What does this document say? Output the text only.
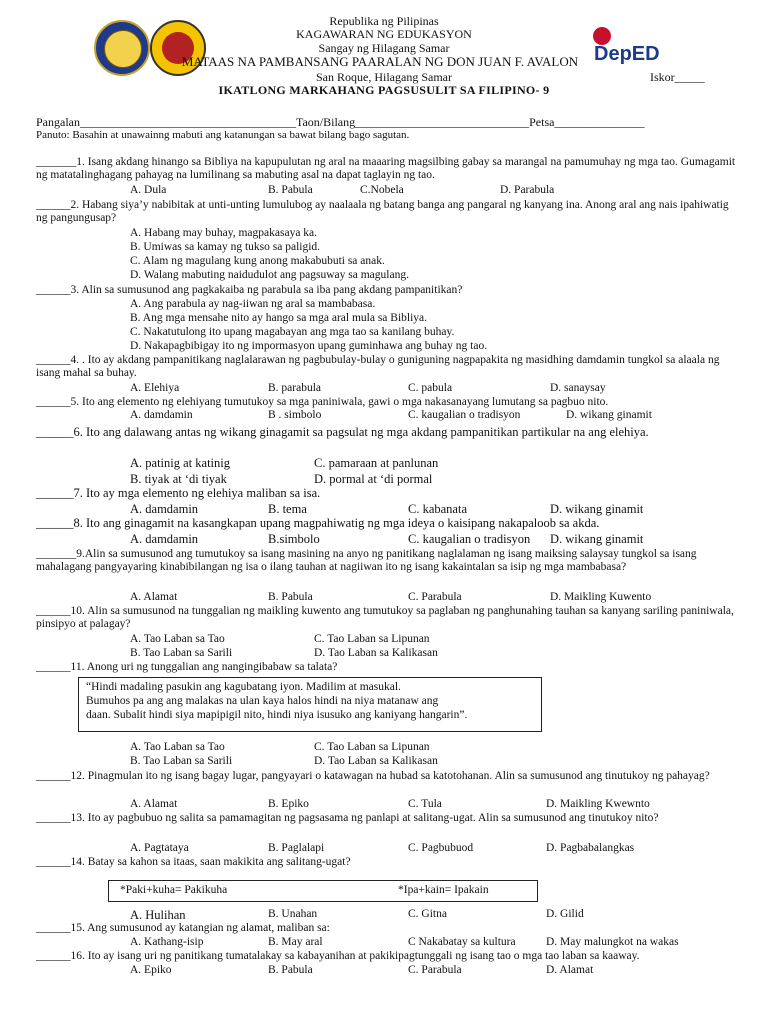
DepED
Republika ng Pilipinas
KAGAWARAN NG EDUKASYON
Sangay ng Hilagang Samar
MATAAS NA PAMBANSANG PAARALAN NG DON JUAN F. AVALON
San Roque, Hilagang Samar	Iskor_____
IKATLONG MARKAHANG PAGSUSULIT SA FILIPINO- 9
Pangalan____________________________________Taon/Bilang_____________________________Petsa_______________
Panuto: Basahin at unawainng mabuti ang katanungan sa bawat bilang bago sagutan.
_______1. Isang akdang hinango sa Bibliya na kapupulutan ng aral na maaaring magsilbing gabay sa marangal na pamumuhay ng mga tao. Gumagamit ng matatalinghagang pahayag na lumilinang sa mabuting asal na dapat taglayin ng tao.
A. Dula	B. Pabula	C.Nobela	D. Parabula
______2. Habang siya’y nabibitak at unti-unting lumulubog ay naalaala ng batang banga ang pangaral ng kanyang ina. Anong aral ang nais ipahiwatig ng pangungusap?
A. Habang may buhay, magpakasaya ka.
B. Umiwas sa kamay ng tukso sa paligid.
C. Alam ng magulang kung anong makabubuti sa anak.
D. Walang mabuting naidudulot ang pagsuway sa magulang.
______3. Alin sa sumusunod ang pagkakaiba ng parabula sa iba pang akdang pampanitikan?
A. Ang parabula ay nag-iiwan ng aral sa mambabasa.
B. Ang mga mensahe nito ay hango sa mga aral mula sa Bibliya.
C. Nakatutulong ito upang magabayan ang mga tao sa kanilang buhay.
D. Nakapagbibigay ito ng impormasyon upang guminhawa ang buhay ng tao.
______4. . Ito ay akdang pampanitikang naglalarawan ng pagbubulay-bulay o guniguning nagpapakita ng masidhing damdamin tungkol sa alaala ng isang mahal sa buhay.
A. Elehiya	B. parabula	C. pabula	D. sanaysay
______5. Ito ang elemento ng elehiyang tumutukoy sa mga paniniwala, gawi o mga nakasanayang lumutang sa pagbuo nito.
A. damdamin	B . simbolo	C. kaugalian o tradisyon	D. wikang ginamit
______6. Ito ang dalawang antas ng wikang ginagamit sa pagsulat ng mga akdang pampanitikan partikular na ang elehiya.
A. patinig at katinig	C. pamaraan at panlunan
B. tiyak at ‘di tiyak	D. pormal at ‘di pormal
______7. Ito ay mga elemento ng elehiya maliban sa isa.
A. damdamin	B. tema	C. kabanata	D. wikang ginamit
______8. Ito ang ginagamit na kasangkapan upang magpahiwatig ng mga ideya o kaisipang nakapaloob sa akda.
A. damdamin	B.simbolo	C. kaugalian o tradisyon D. wikang ginamit
_______9.Alin sa sumusunod ang tumutukoy sa isang masining na anyo ng panitikang naglalaman ng isang maiksing salaysay tungkol sa isang mahalagang pangyayaring kinabibilangan ng isa o ilang tauhan at nagiiwan ito ng isang kakaintalan sa isip ng mga mambabasa?
A. Alamat	B. Pabula	C. Parabula	D. Maikling Kuwento
______10. Alin sa sumusunod na tunggalian ng maikling kuwento ang tumutukoy sa paglaban ng panghunahing tauhan sa kanyang sariling paniniwala, pinsipyo at palagay?
A. Tao Laban sa Tao	C. Tao Laban sa Lipunan
B. Tao Laban sa Sarili	D. Tao Laban sa Kalikasan
______11. Anong uri ng tunggalian ang nangingibabaw sa talata?
“Hindi madaling pasukin ang kagubatang iyon. Madilim at masukal.
Bumuhos pa ang ang malakas na ulan kaya halos hindi na niya matanaw ang
daan. Subalit hindi siya mapipigil nito, hindi niya isusuko ang kaniyang hangarin”.
A. Tao Laban sa Tao	C. Tao Laban sa Lipunan
B. Tao Laban sa Sarili	D. Tao Laban sa Kalikasan
______12. Pinagmulan ito ng isang bagay lugar, pangyayari o katawagan na hubad sa katotohanan. Alin sa sumusunod ang tinutukoy ng pahayag?
A. Alamat	B. Epiko	C. Tula	D. Maikling Kwewnto
______13. Ito ay pagbubuo ng salita sa pamamagitan ng pagsasama ng panlapi at salitang-ugat. Alin sa sumusunod ang tinutukoy nito?
A. Pagtataya	B. Paglalapi	C. Pagbubuod	D. Pagbabalangkas
______14. Batay sa kahon sa itaas, saan makikita ang salitang-ugat?
*Paki+kuha= Pakikuha	*Ipa+kain= Ipakain
A. Hulihan	B. Unahan	C. Gitna	D. Gilid
______15. Ang sumusunod ay katangian ng alamat, maliban sa:
A. Kathang-isip	B. May aral	C Nakabatay sa kultura	D. May malungkot na wakas
______16. Ito ay isang uri ng panitikang tumatalakay sa kabayanihan at pakikipagtunggali ng isang tao o mga tao laban sa kaaway.
A. Epiko	B. Pabula	C. Parabula	D. Alamat
